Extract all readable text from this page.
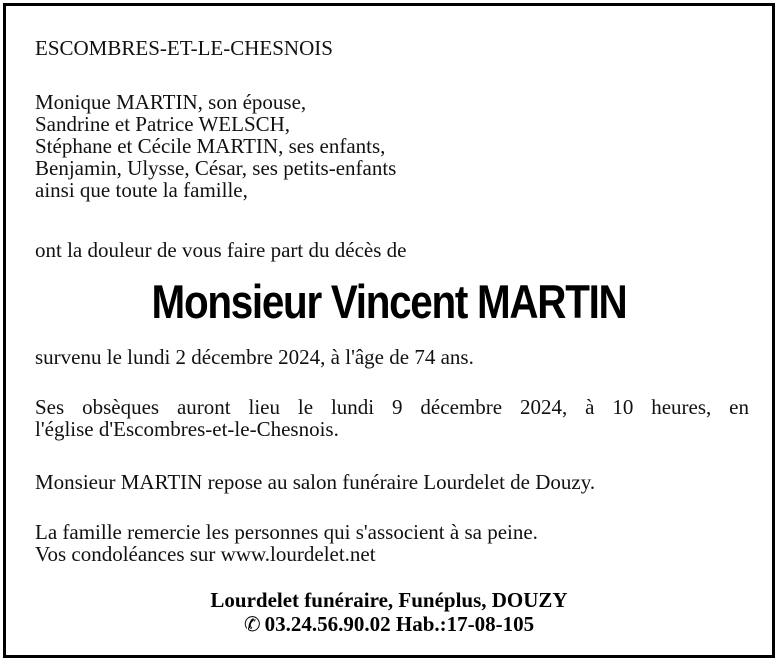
ESCOMBRES-ET-LE-CHESNOIS
Monique MARTIN, son épouse,
Sandrine et Patrice WELSCH,
Stéphane et Cécile MARTIN, ses enfants,
Benjamin, Ulysse, César, ses petits-enfants
ainsi que toute la famille,
ont la douleur de vous faire part du décès de
Monsieur Vincent MARTIN
survenu le lundi 2 décembre 2024, à l'âge de 74 ans.
Ses obsèques auront lieu le lundi 9 décembre 2024, à 10 heures, en
l'église d'Escombres-et-le-Chesnois.
Monsieur MARTIN repose au salon funéraire Lourdelet de Douzy.
La famille remercie les personnes qui s'associent à sa peine.
Vos condoléances sur www.lourdelet.net
Lourdelet funéraire, Funéplus, DOUZY
✆ 03.24.56.90.02 Hab.:17-08-105
